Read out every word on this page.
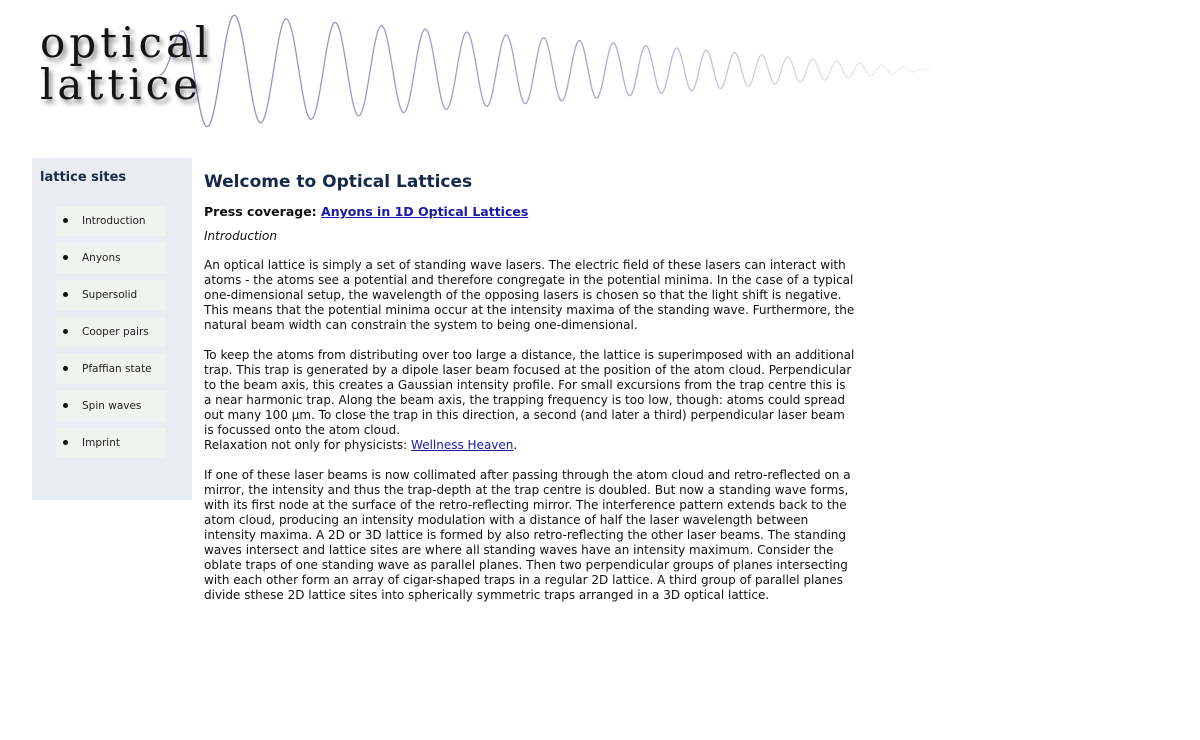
optical
lattice
lattice sites
Introduction
Anyons
Supersolid
Cooper pairs
Pfaffian state
Spin waves
Imprint
Welcome to Optical Lattices
Press coverage: Anyons in 1D Optical Lattices
Introduction

An optical lattice is simply a set of standing wave lasers. The electric field of these lasers can interact with atoms - the atoms see a potential and therefore congregate in the potential minima. In the case of a typical one-dimensional setup, the wavelength of the opposing lasers is chosen so that the light shift is negative. This means that the potential minima occur at the intensity maxima of the standing wave. Furthermore, the natural beam width can constrain the system to being one-dimensional.

To keep the atoms from distributing over too large a distance, the lattice is superimposed with an additional trap. This trap is generated by a dipole laser beam focused at the position of the atom cloud. Perpendicular to the beam axis, this creates a Gaussian intensity profile. For small excursions from the trap centre this is a near harmonic trap. Along the beam axis, the trapping frequency is too low, though: atoms could spread out many 100 µm. To close the trap in this direction, a second (and later a third) perpendicular laser beam is focussed onto the atom cloud.
Relaxation not only for physicists: Wellness Heaven.

If one of these laser beams is now collimated after passing through the atom cloud and retro-reflected on a mirror, the intensity and thus the trap-depth at the trap centre is doubled. But now a standing wave forms, with its first node at the surface of the retro-reflecting mirror. The interference pattern extends back to the atom cloud, producing an intensity modulation with a distance of half the laser wavelength between intensity maxima. A 2D or 3D lattice is formed by also retro-reflecting the other laser beams. The standing waves intersect and lattice sites are where all standing waves have an intensity maximum. Consider the oblate traps of one standing wave as parallel planes. Then two perpendicular groups of planes intersecting with each other form an array of cigar-shaped traps in a regular 2D lattice. A third group of parallel planes divide sthese 2D lattice sites into spherically symmetric traps arranged in a 3D optical lattice.
